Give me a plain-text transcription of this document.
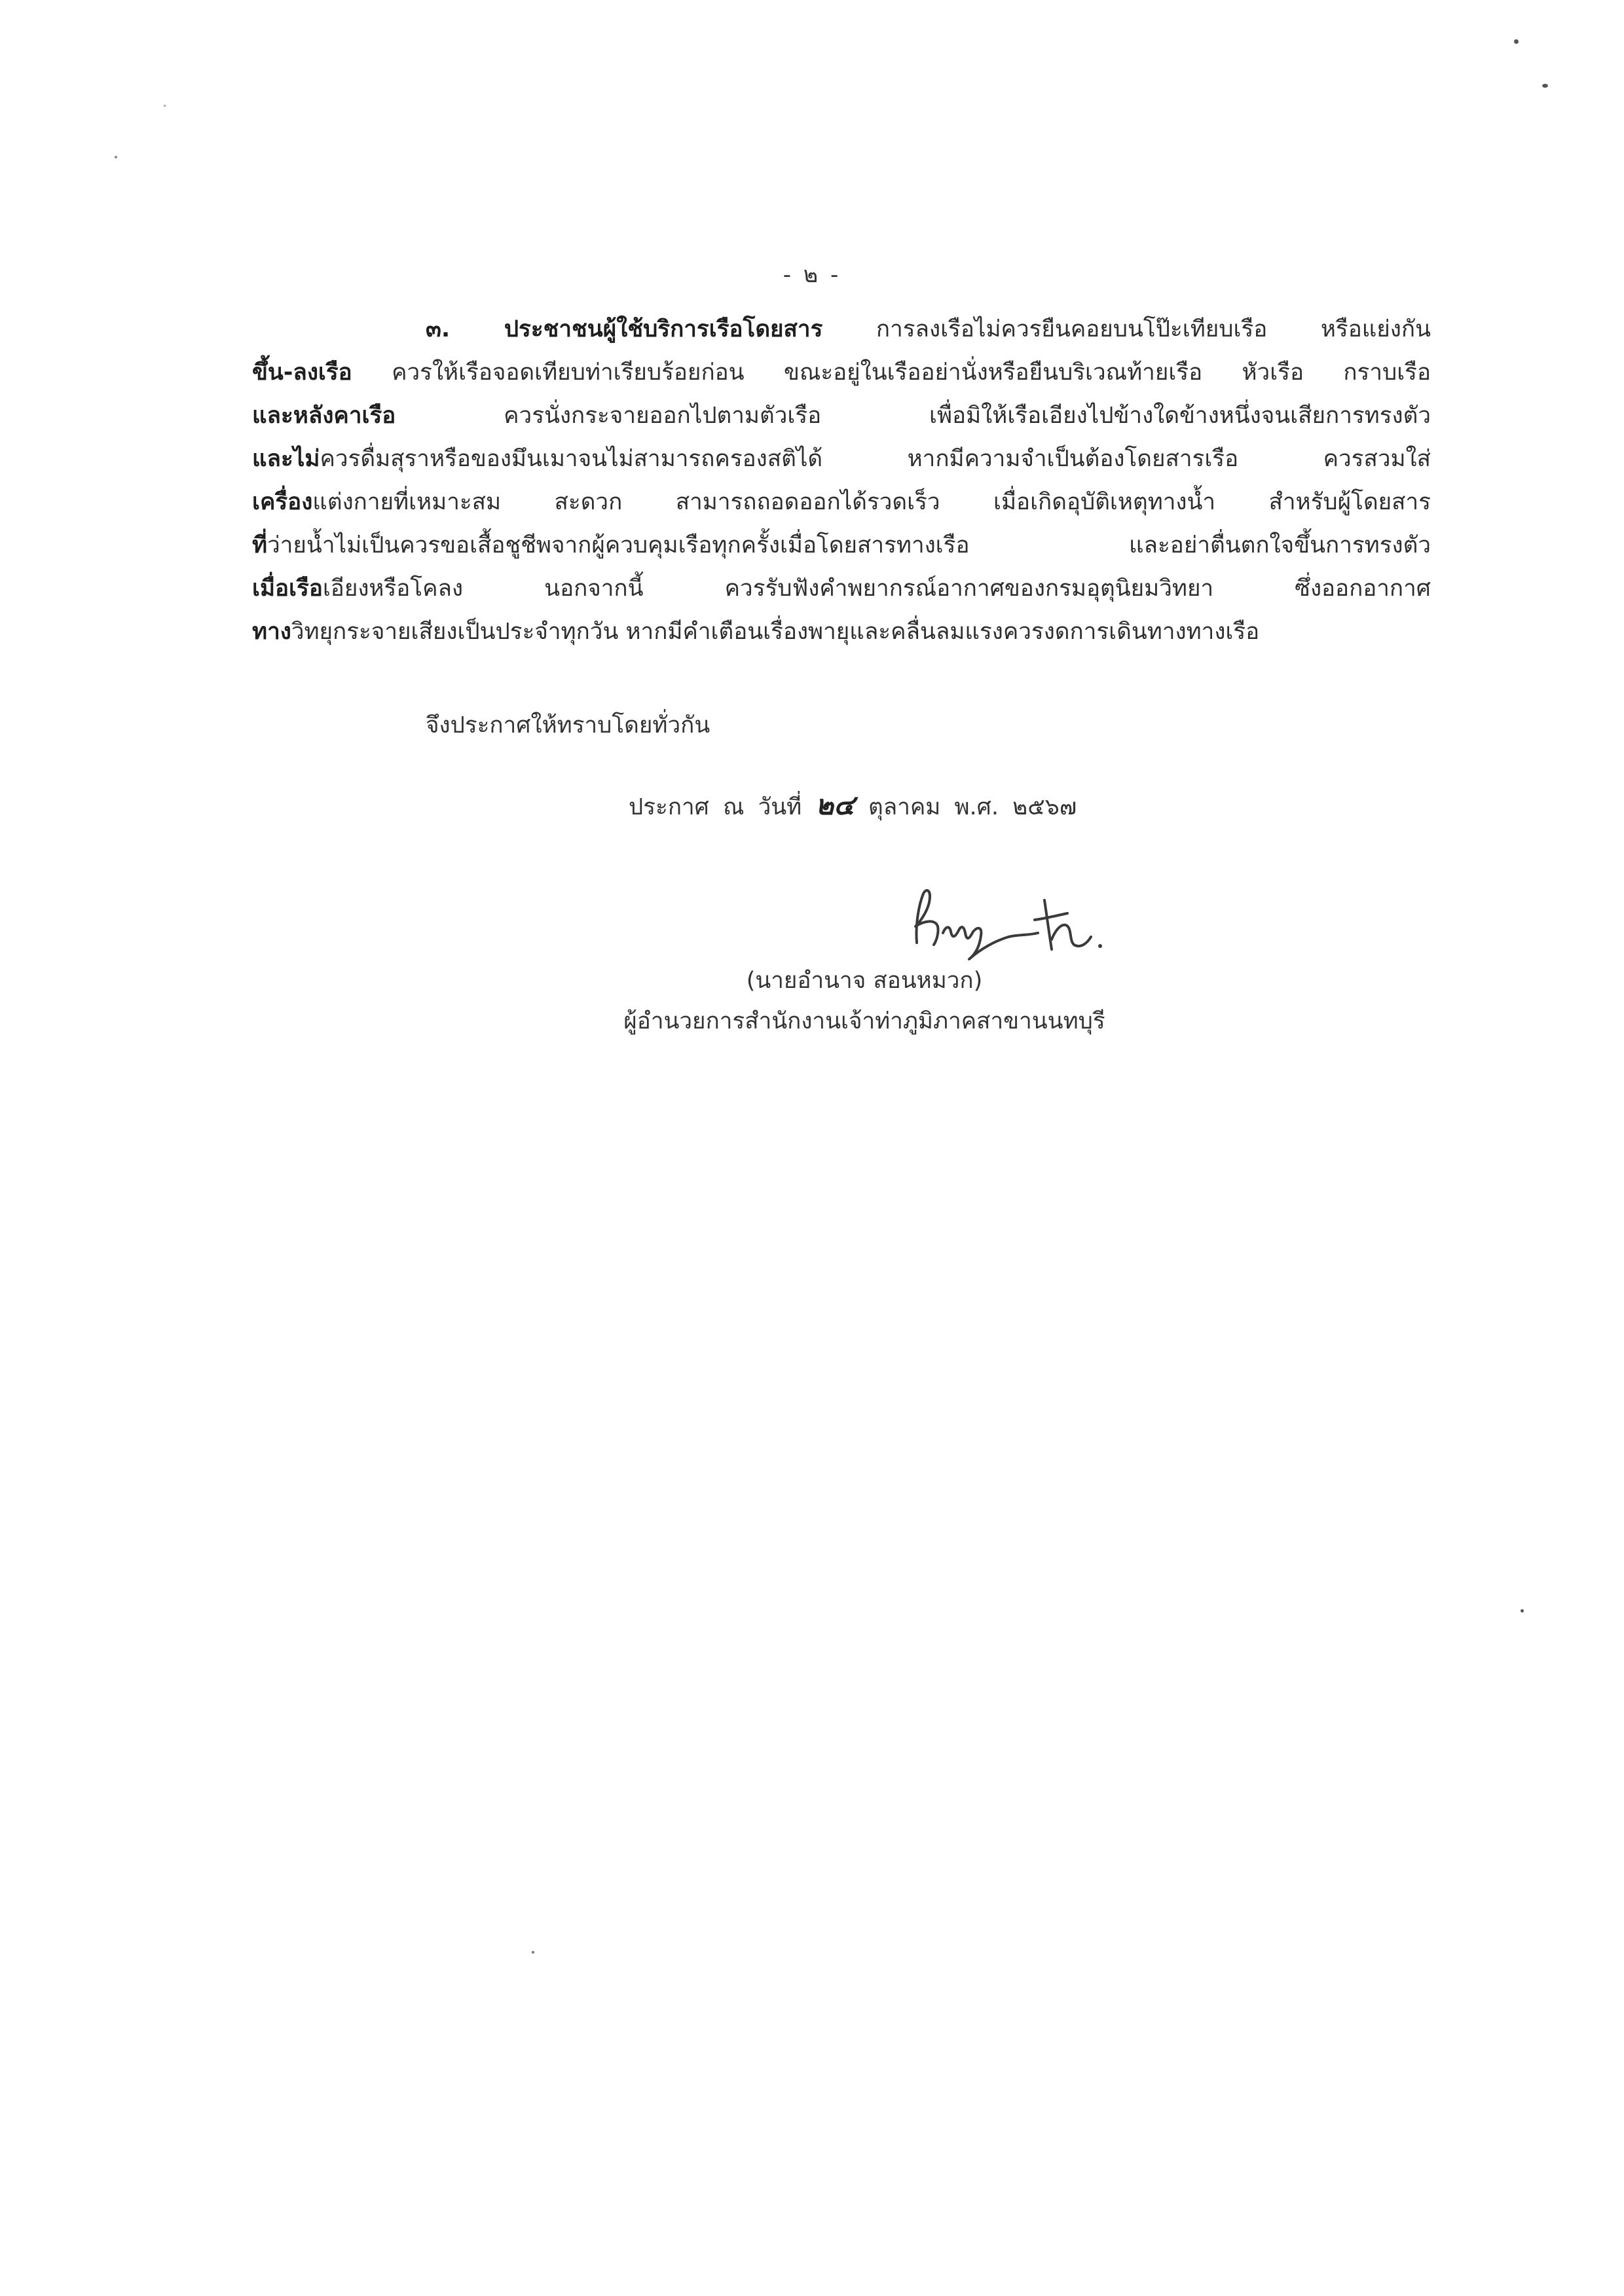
- ๒ -
๓. ประชาชนผู้ใช้บริการเรือโดยสาร การลงเรือไม่ควรยืนคอยบนโป๊ะเทียบเรือ หรือแย่งกัน
ขึ้น-ลงเรือ ควรให้เรือจอดเทียบท่าเรียบร้อยก่อน ขณะอยู่ในเรืออย่านั่งหรือยืนบริเวณท้ายเรือ หัวเรือ กราบเรือ
และหลังคาเรือ ควรนั่งกระจายออกไปตามตัวเรือ เพื่อมิให้เรือเอียงไปข้างใดข้างหนึ่งจนเสียการทรงตัว
และไม่ควรดื่มสุราหรือของมึนเมาจนไม่สามารถครองสติได้ หากมีความจำเป็นต้องโดยสารเรือ ควรสวมใส่
เครื่องแต่งกายที่เหมาะสม สะดวก สามารถถอดออกได้รวดเร็ว เมื่อเกิดอุบัติเหตุทางน้ำ สำหรับผู้โดยสาร
ที่ว่ายน้ำไม่เป็นควรขอเสื้อชูชีพจากผู้ควบคุมเรือทุกครั้งเมื่อโดยสารทางเรือ และอย่าตื่นตกใจขึ้นการทรงตัว
เมื่อเรือเอียงหรือโคลง นอกจากนี้ ควรรับฟังคำพยากรณ์อากาศของกรมอุตุนิยมวิทยา ซึ่งออกอากาศ
ทางวิทยุกระจายเสียงเป็นประจำทุกวัน หากมีคำเตือนเรื่องพายุและคลื่นลมแรงควรงดการเดินทางทางเรือ
จึงประกาศให้ทราบโดยทั่วกัน
ประกาศ ณ วันที่ ๒๔ ตุลาคม พ.ศ. ๒๕๖๗
(นายอำนาจ สอนหมวก)
ผู้อำนวยการสำนักงานเจ้าท่าภูมิภาคสาขานนทบุรี
